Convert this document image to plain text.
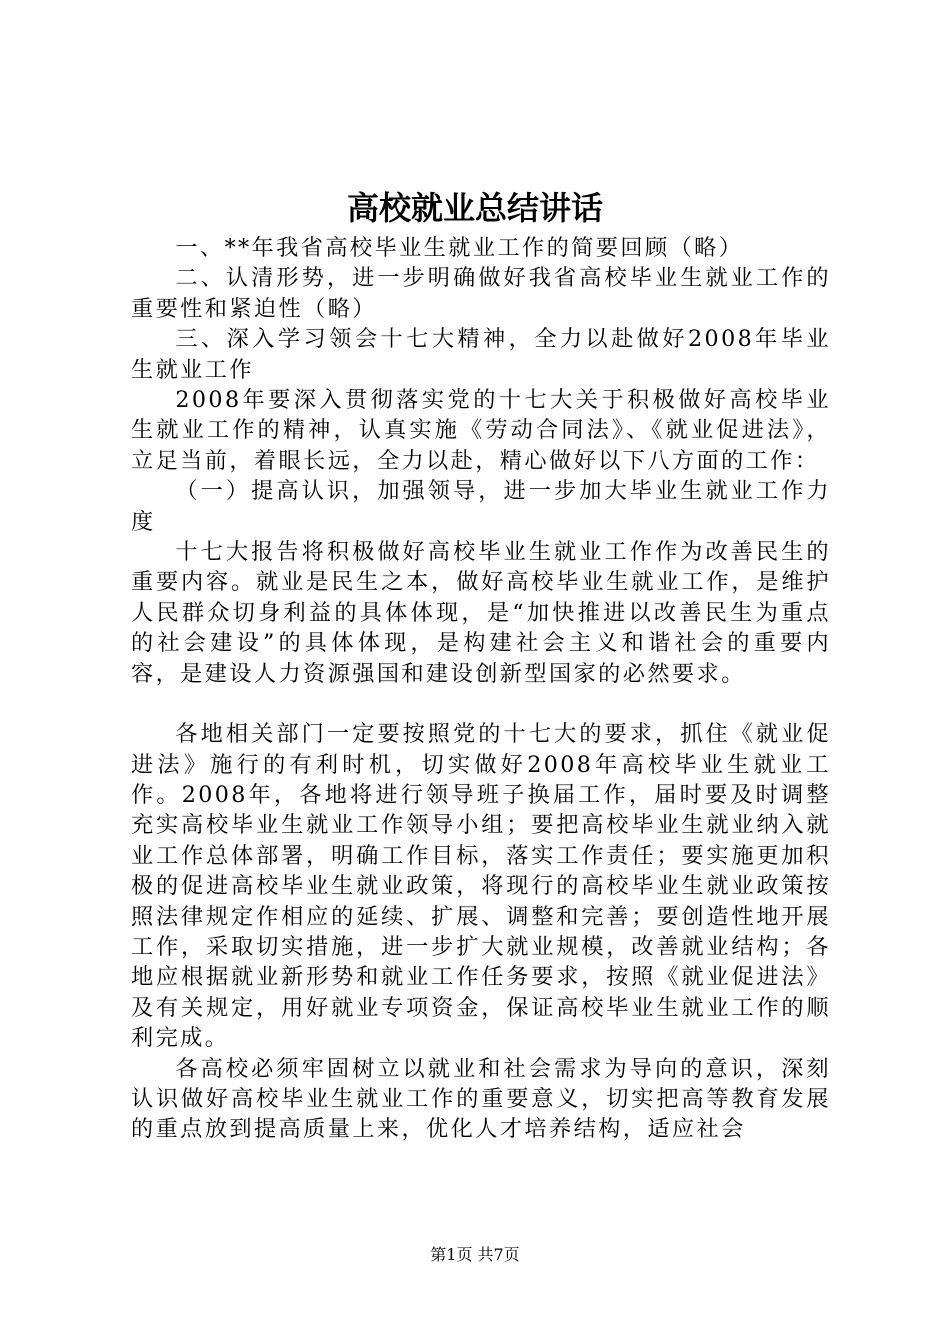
高校就业总结讲话

一、**年我省高校毕业生就业工作的简要回顾（略）

二、认清形势，进一步明确做好我省高校毕业生就业工作的重要性和紧迫性（略）

三、深入学习领会十七大精神，全力以赴做好2008年毕业生就业工作

2008年要深入贯彻落实党的十七大关于积极做好高校毕业生就业工作的精神，认真实施《劳动合同法》、《就业促进法》，立足当前，着眼长远，全力以赴，精心做好以下八方面的工作：

（一）提高认识，加强领导，进一步加大毕业生就业工作力度

十七大报告将积极做好高校毕业生就业工作作为改善民生的重要内容。就业是民生之本，做好高校毕业生就业工作，是维护人民群众切身利益的具体体现，是“加快推进以改善民生为重点的社会建设”的具体体现，是构建社会主义和谐社会的重要内容，是建设人力资源强国和建设创新型国家的必然要求。

各地相关部门一定要按照党的十七大的要求，抓住《就业促进法》施行的有利时机，切实做好2008年高校毕业生就业工作。2008年，各地将进行领导班子换届工作，届时要及时调整充实高校毕业生就业工作领导小组；要把高校毕业生就业纳入就业工作总体部署，明确工作目标，落实工作责任；要实施更加积极的促进高校毕业生就业政策，将现行的高校毕业生就业政策按照法律规定作相应的延续、扩展、调整和完善；要创造性地开展工作，采取切实措施，进一步扩大就业规模，改善就业结构；各地应根据就业新形势和就业工作任务要求，按照《就业促进法》及有关规定，用好就业专项资金，保证高校毕业生就业工作的顺利完成。

各高校必须牢固树立以就业和社会需求为导向的意识，深刻认识做好高校毕业生就业工作的重要意义，切实把高等教育发展的重点放到提高质量上来，优化人才培养结构，适应社会

第1页 共7页
